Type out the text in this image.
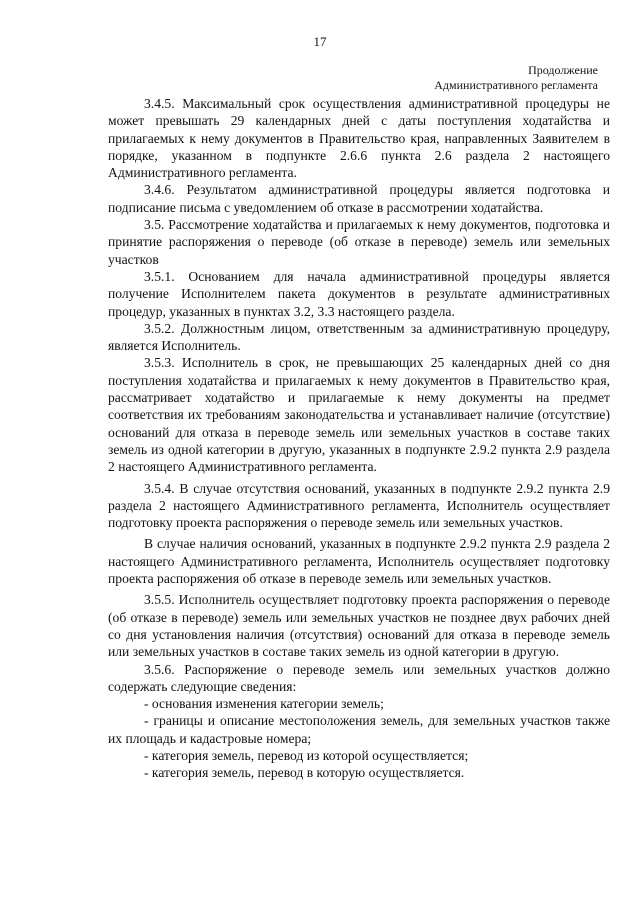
17
Продолжение
Административного регламента

3.4.5. Максимальный срок осуществления административной процедуры не может превышать 29 календарных дней с даты поступления ходатайства и прилагаемых к нему документов в Правительство края, направленных Заявителем в порядке, указанном в подпункте 2.6.6 пункта 2.6 раздела 2 настоящего Административного регламента.

3.4.6. Результатом административной процедуры является подготовка и подписание письма с уведомлением об отказе в рассмотрении ходатайства.

3.5. Рассмотрение ходатайства и прилагаемых к нему документов, подготовка и принятие распоряжения о переводе (об отказе в переводе) земель или земельных участков

3.5.1. Основанием для начала административной процедуры является получение Исполнителем пакета документов в результате административных процедур, указанных в пунктах 3.2, 3.3 настоящего раздела.

3.5.2. Должностным лицом, ответственным за административную процедуру, является Исполнитель.

3.5.3. Исполнитель в срок, не превышающих 25 календарных дней со дня поступления ходатайства и прилагаемых к нему документов в Правительство края, рассматривает ходатайство и прилагаемые к нему документы на предмет соответствия их требованиям законодательства и устанавливает наличие (отсутствие) оснований для отказа в переводе земель или земельных участков в составе таких земель из одной категории в другую, указанных в подпункте 2.9.2 пункта 2.9 раздела 2 настоящего Административного регламента.

3.5.4. В случае отсутствия оснований, указанных в подпункте 2.9.2 пункта 2.9 раздела 2 настоящего Административного регламента, Исполнитель осуществляет подготовку проекта распоряжения о переводе земель или земельных участков.

В случае наличия оснований, указанных в подпункте 2.9.2 пункта 2.9 раздела 2 настоящего Административного регламента, Исполнитель осуществляет подготовку проекта распоряжения об отказе в переводе земель или земельных участков.

3.5.5. Исполнитель осуществляет подготовку проекта распоряжения о переводе (об отказе в переводе) земель или земельных участков не позднее двух рабочих дней со дня установления наличия (отсутствия) оснований для отказа в переводе земель или земельных участков в составе таких земель из одной категории в другую.

3.5.6. Распоряжение о переводе земель или земельных участков должно содержать следующие сведения:

- основания изменения категории земель;

- границы и описание местоположения земель, для земельных участков также их площадь и кадастровые номера;

- категория земель, перевод из которой осуществляется;

- категория земель, перевод в которую осуществляется.
